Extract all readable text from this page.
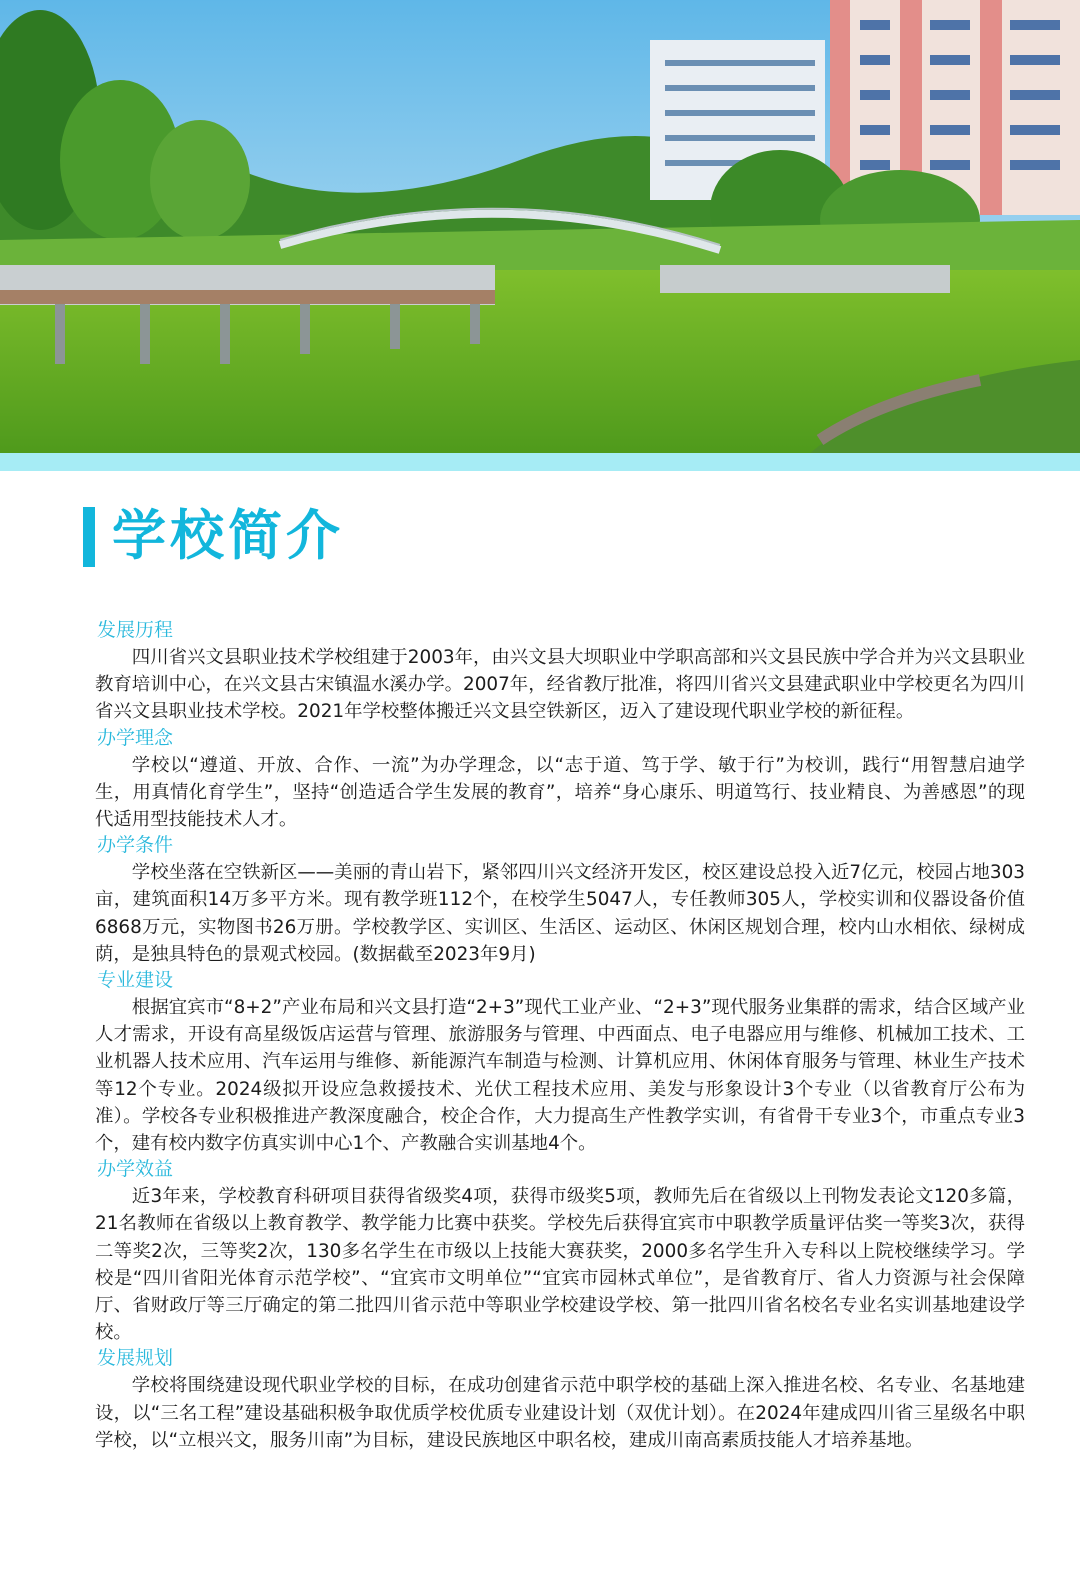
学校简介
发展历程

四川省兴文县职业技术学校组建于2003年，由兴文县大坝职业中学职高部和兴文县民族中学合并为兴文县职业教育培训中心，在兴文县古宋镇温水溪办学。2007年，经省教厅批准，将四川省兴文县建武职业中学校更名为四川省兴文县职业技术学校。2021年学校整体搬迁兴文县空铁新区，迈入了建设现代职业学校的新征程。

办学理念

学校以“遵道、开放、合作、一流”为办学理念，以“志于道、笃于学、敏于行”为校训，践行“用智慧启迪学生，用真情化育学生”，坚持“创造适合学生发展的教育”，培养“身心康乐、明道笃行、技业精良、为善感恩”的现代适用型技能技术人才。

办学条件

学校坐落在空铁新区——美丽的青山岩下，紧邻四川兴文经济开发区，校区建设总投入近7亿元，校园占地303亩，建筑面积14万多平方米。现有教学班112个，在校学生5047人，专任教师305人，学校实训和仪器设备价值6868万元，实物图书26万册。学校教学区、实训区、生活区、运动区、休闲区规划合理，校内山水相依、绿树成荫，是独具特色的景观式校园。(数据截至2023年9月)

专业建设

根据宜宾市“8+2”产业布局和兴文县打造“2+3”现代工业产业、“2+3”现代服务业集群的需求，结合区域产业人才需求，开设有高星级饭店运营与管理、旅游服务与管理、中西面点、电子电器应用与维修、机械加工技术、工业机器人技术应用、汽车运用与维修、新能源汽车制造与检测、计算机应用、休闲体育服务与管理、林业生产技术等12个专业。2024级拟开设应急救援技术、光伏工程技术应用、美发与形象设计3个专业（以省教育厅公布为准）。学校各专业积极推进产教深度融合，校企合作，大力提高生产性教学实训，有省骨干专业3个，市重点专业3个，建有校内数字仿真实训中心1个、产教融合实训基地4个。

办学效益

近3年来，学校教育科研项目获得省级奖4项，获得市级奖5项，教师先后在省级以上刊物发表论文120多篇，21名教师在省级以上教育教学、教学能力比赛中获奖。学校先后获得宜宾市中职教学质量评估奖一等奖3次，获得二等奖2次，三等奖2次，130多名学生在市级以上技能大赛获奖，2000多名学生升入专科以上院校继续学习。学校是“四川省阳光体育示范学校”、“宜宾市文明单位”“宜宾市园林式单位”，是省教育厅、省人力资源与社会保障厅、省财政厅等三厅确定的第二批四川省示范中等职业学校建设学校、第一批四川省名校名专业名实训基地建设学校。

发展规划

学校将围绕建设现代职业学校的目标，在成功创建省示范中职学校的基础上深入推进名校、名专业、名基地建设，以“三名工程”建设基础积极争取优质学校优质专业建设计划（双优计划）。在2024年建成四川省三星级名中职学校，以“立根兴文，服务川南”为目标，建设民族地区中职名校，建成川南高素质技能人才培养基地。
